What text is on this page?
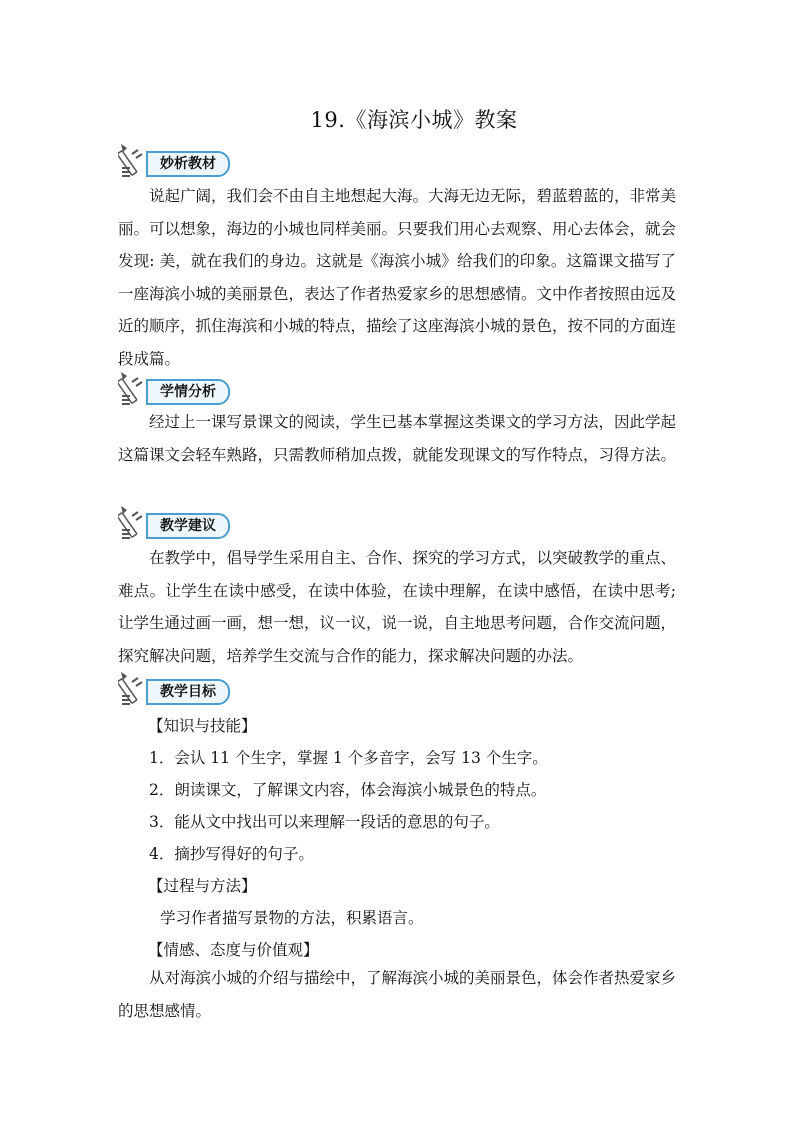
19.《海滨小城》教案
妙析教材

说起广阔，我们会不由自主地想起大海。大海无边无际，碧蓝碧蓝的，非常美丽。可以想象，海边的小城也同样美丽。只要我们用心去观察、用心去体会，就会发现: 美，就在我们的身边。这就是《海滨小城》给我们的印象。这篇课文描写了一座海滨小城的美丽景色，表达了作者热爱家乡的思想感情。文中作者按照由远及近的顺序，抓住海滨和小城的特点，描绘了这座海滨小城的景色，按不同的方面连段成篇。

学情分析

经过上一课写景课文的阅读，学生已基本掌握这类课文的学习方法，因此学起这篇课文会轻车熟路，只需教师稍加点拨，就能发现课文的写作特点，习得方法。

教学建议

在教学中，倡导学生采用自主、合作、探究的学习方式，以突破教学的重点、难点。让学生在读中感受，在读中体验，在读中理解，在读中感悟，在读中思考;让学生通过画一画，想一想，议一议，说一说，自主地思考问题，合作交流问题，探究解决问题，培养学生交流与合作的能力，探求解决问题的办法。

教学目标

【知识与技能】

1．会认 11 个生字，掌握 1 个多音字，会写 13 个生字。

2．朗读课文，了解课文内容，体会海滨小城景色的特点。

3．能从文中找出可以来理解一段话的意思的句子。

4．摘抄写得好的句子。

【过程与方法】

学习作者描写景物的方法，积累语言。

【情感、态度与价值观】

从对海滨小城的介绍与描绘中，了解海滨小城的美丽景色，体会作者热爱家乡的思想感情。
